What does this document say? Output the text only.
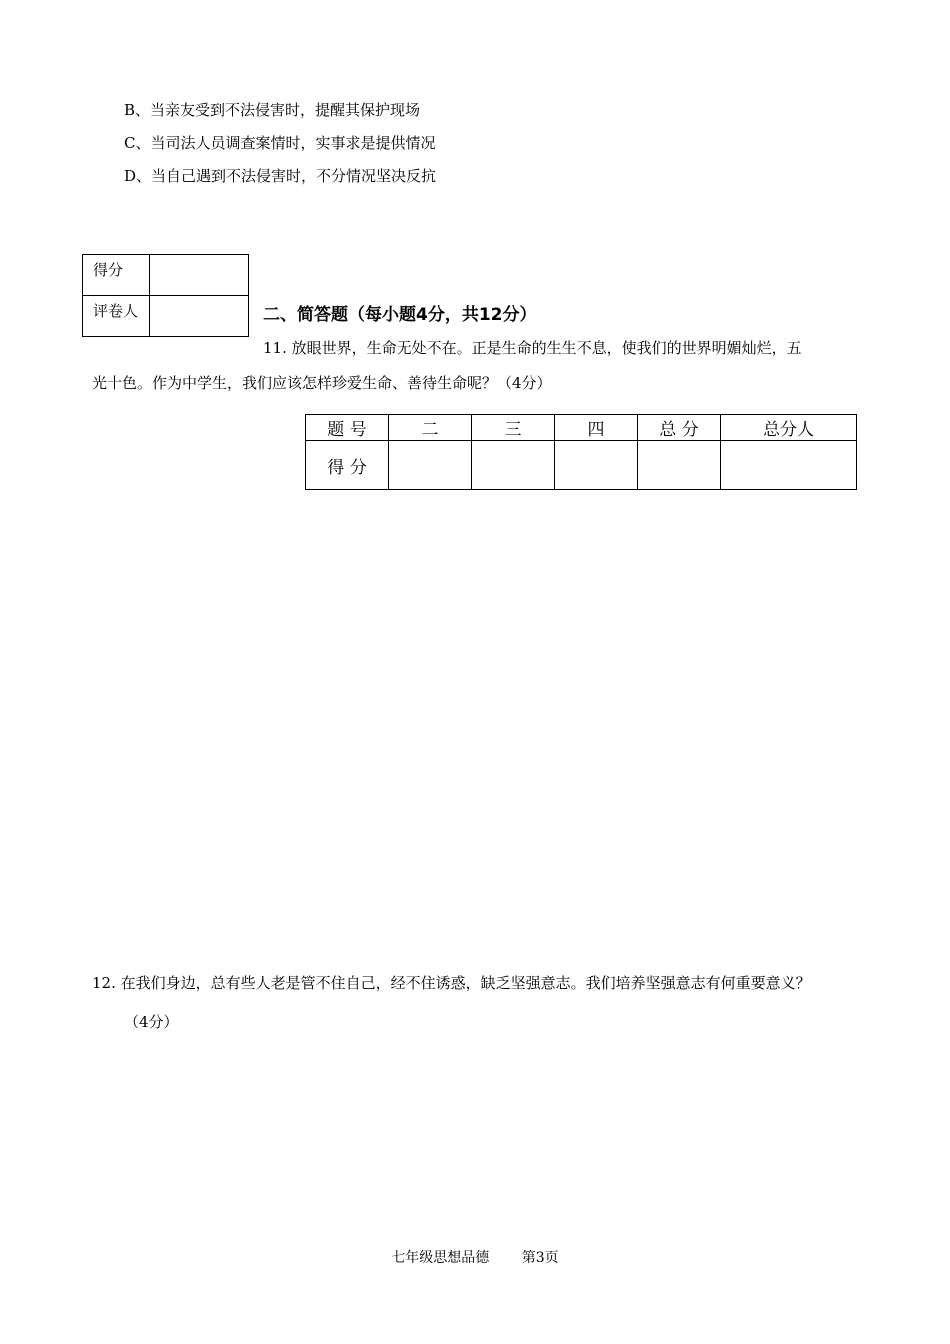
B、当亲友受到不法侵害时，提醒其保护现场
C、当司法人员调查案情时，实事求是提供情况
D、当自己遇到不法侵害时，不分情况坚决反抗
得分	
评卷人		二、简答题（每小题4分，共12分）
11. 放眼世界，生命无处不在。正是生命的生生不息，使我们的世界明媚灿烂，五
光十色。作为中学生，我们应该怎样珍爱生命、善待生命呢？（4分）
题 号	二	三	四	总 分	总分人
得 分					
12. 在我们身边，总有些人老是管不住自己，经不住诱惑，缺乏坚强意志。我们培养坚强意志有何重要意义？
（4分）
七年级思想品德 第3页
